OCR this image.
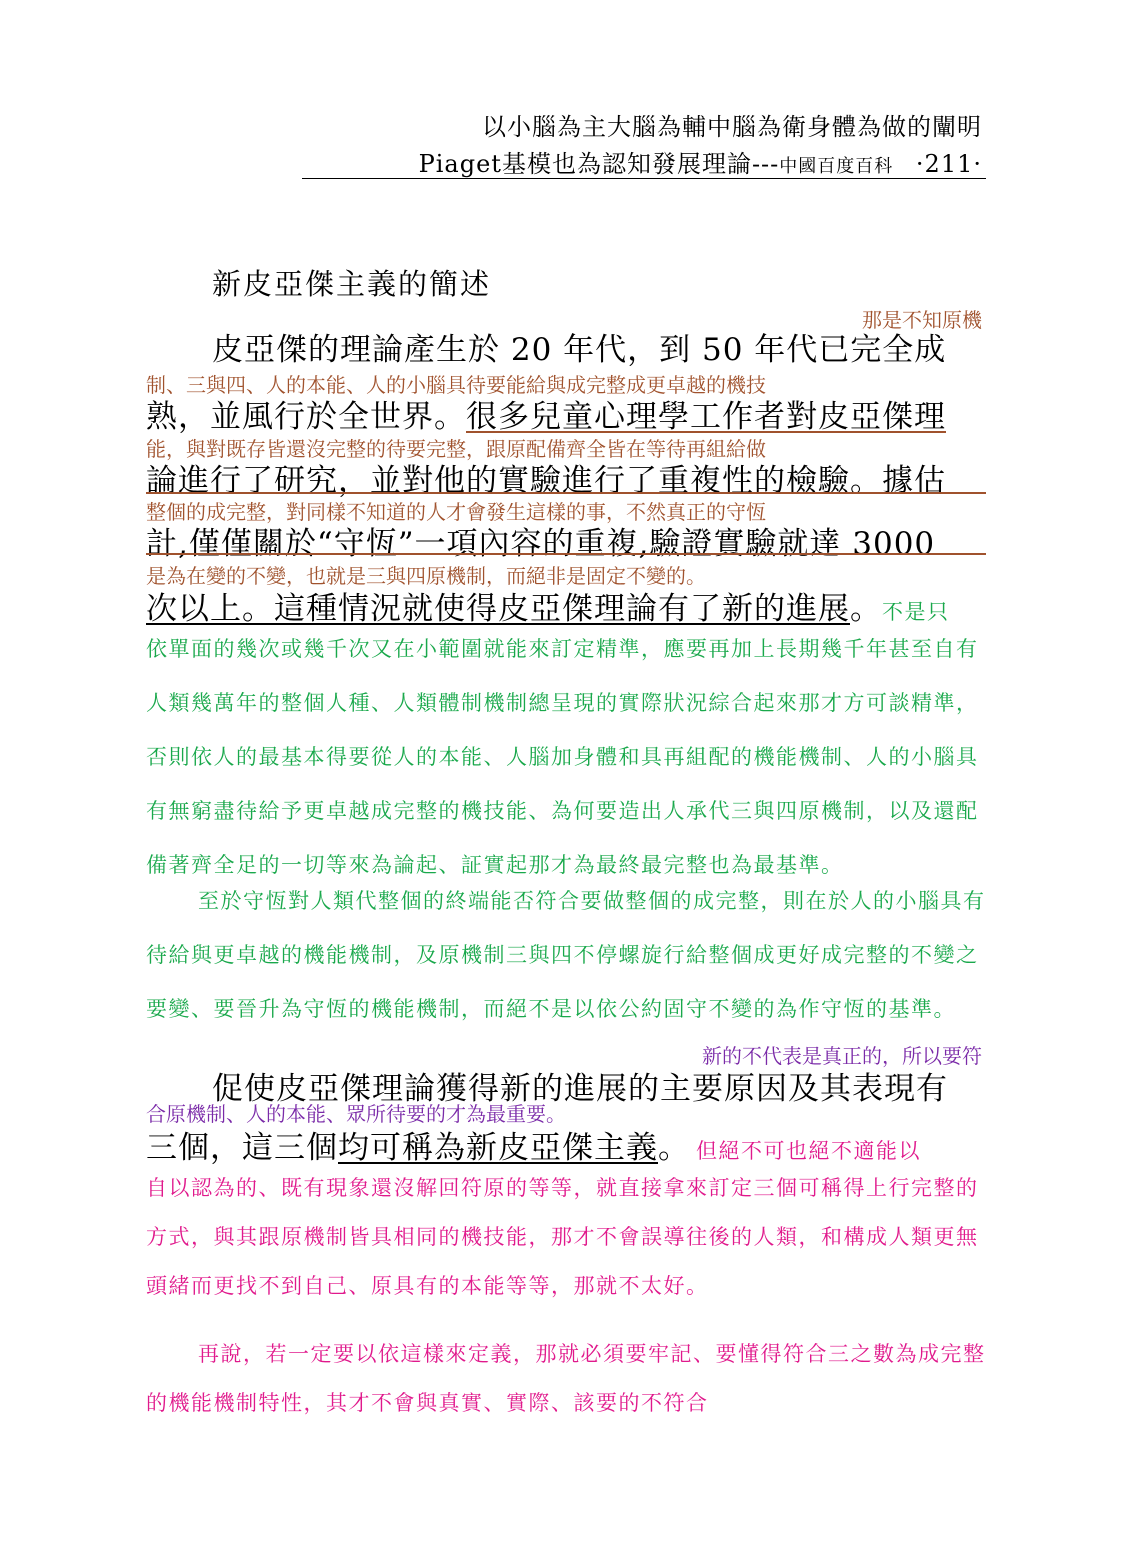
以小腦為主大腦為輔中腦為衛身體為做的闡明
Piaget基模也為認知發展理論---中國百度百科 ·211·
新皮亞傑主義的簡述
那是不知原機
皮亞傑的理論產生於 20 年代，到 50 年代已完全成
制、三與四、人的本能、人的小腦具待要能給與成完整成更卓越的機技
熟，並風行於全世界。很多兒童心理學工作者對皮亞傑理
能，與對既存皆還沒完整的待要完整，跟原配備齊全皆在等待再組給做
論進行了研究，並對他的實驗進行了重複性的檢驗。據估
整個的成完整，對同樣不知道的人才會發生這樣的事，不然真正的守恆
計,僅僅關於“守恆”一項內容的重複,驗證實驗就達 3000
是為在變的不變，也就是三與四原機制，而絕非是固定不變的。
次以上。這種情況就使得皮亞傑理論有了新的進展。不是只

依單面的幾次或幾千次又在小範圍就能來訂定精準，應要再加上長期幾千年甚至自有人類幾萬年的整個人種、人類體制機制總呈現的實際狀況綜合起來那才方可談精準，否則依人的最基本得要從人的本能、人腦加身體和具再組配的機能機制、人的小腦具有無窮盡待給予更卓越成完整的機技能、為何要造出人承代三與四原機制，以及還配備著齊全足的一切等來為論起、証實起那才為最終最完整也為最基準。

至於守恆對人類代整個的終端能否符合要做整個的成完整，則在於人的小腦具有待給與更卓越的機能機制，及原機制三與四不停螺旋行給整個成更好成完整的不變之要變、要晉升為守恆的機能機制，而絕不是以依公約固守不變的為作守恆的基準。

新的不代表是真正的，所以要符
促使皮亞傑理論獲得新的進展的主要原因及其表現有
合原機制、人的本能、眾所待要的才為最重要。
三個，這三個均可稱為新皮亞傑主義。 但絕不可也絕不適能以

自以認為的、既有現象還沒解回符原的等等，就直接拿來訂定三個可稱得上行完整的方式，與其跟原機制皆具相同的機技能，那才不會誤導往後的人類，和構成人類更無頭緒而更找不到自己、原具有的本能等等，那就不太好。

再說，若一定要以依這樣來定義，那就必須要牢記、要懂得符合三之數為成完整的機能機制特性，其才不會與真實、實際、該要的不符合
